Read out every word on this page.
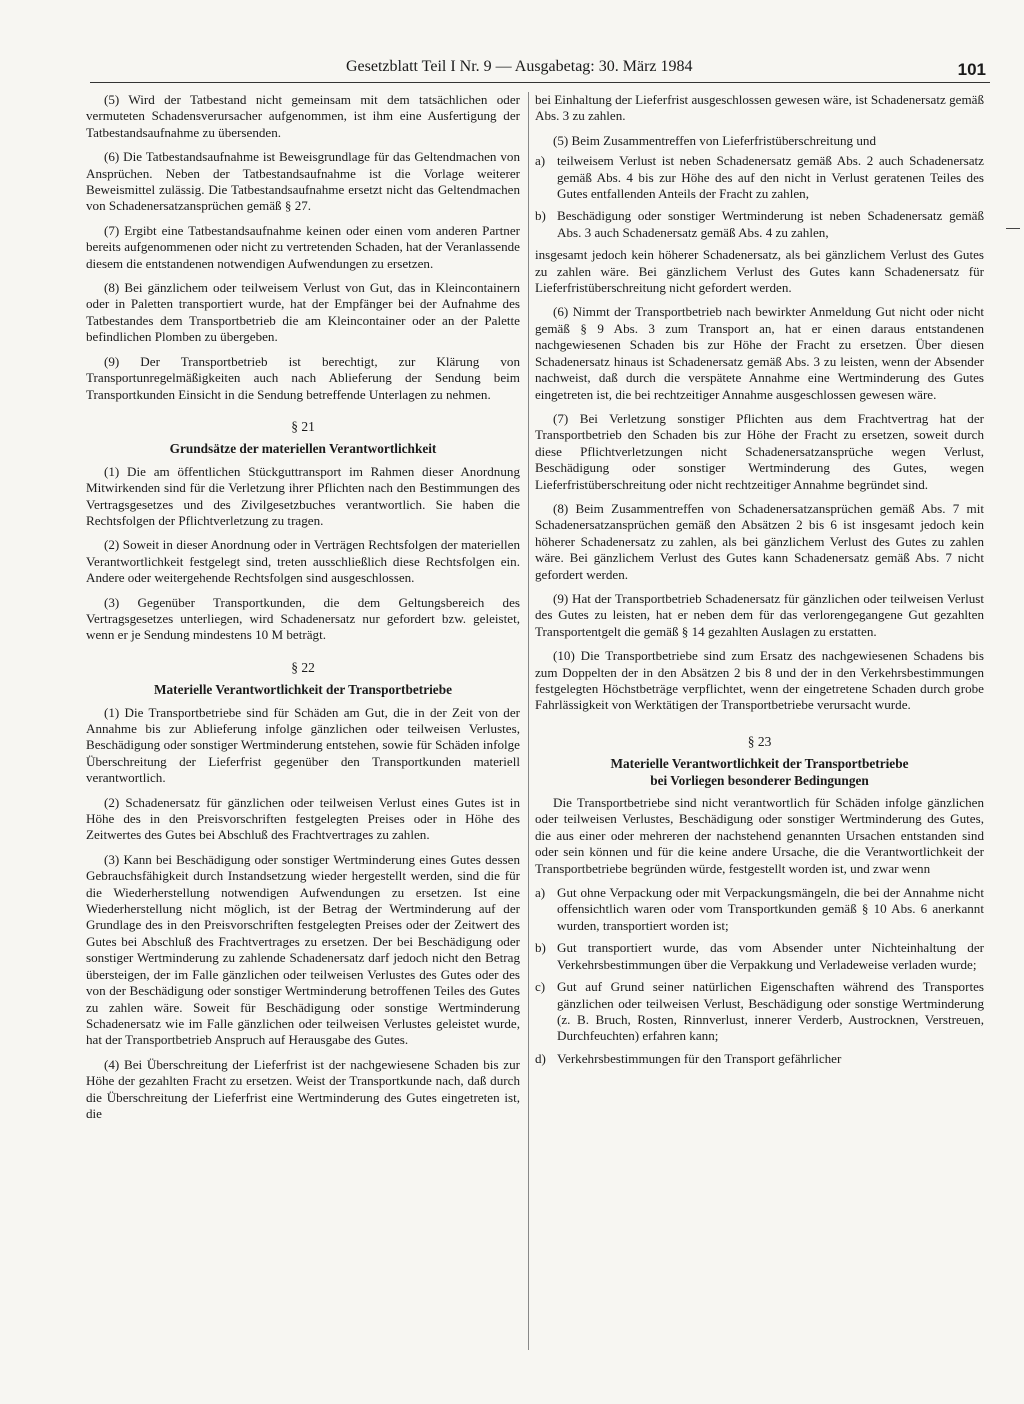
Gesetzblatt Teil I Nr. 9 — Ausgabetag: 30. März 1984	101

(5) Wird der Tatbestand nicht gemeinsam mit dem tatsächlichen oder vermuteten Schadensverursacher aufgenommen, ist ihm eine Ausfertigung der Tatbestandsaufnahme zu übersenden.

(6) Die Tatbestandsaufnahme ist Beweisgrundlage für das Geltendmachen von Ansprüchen. Neben der Tatbestandsaufnahme ist die Vorlage weiterer Beweismittel zulässig. Die Tatbestandsaufnahme ersetzt nicht das Geltendmachen von Schadenersatzansprüchen gemäß § 27.

(7) Ergibt eine Tatbestandsaufnahme keinen oder einen vom anderen Partner bereits aufgenommenen oder nicht zu vertretenden Schaden, hat der Veranlassende diesem die entstandenen notwendigen Aufwendungen zu ersetzen.

(8) Bei gänzlichem oder teilweisem Verlust von Gut, das in Kleincontainern oder in Paletten transportiert wurde, hat der Empfänger bei der Aufnahme des Tatbestandes dem Transportbetrieb die am Kleincontainer oder an der Palette befindlichen Plomben zu übergeben.

(9) Der Transportbetrieb ist berechtigt, zur Klärung von Transportunregelmäßigkeiten auch nach Ablieferung der Sendung beim Transportkunden Einsicht in die Sendung betreffende Unterlagen zu nehmen.

§ 21
Grundsätze der materiellen Verantwortlichkeit

(1) Die am öffentlichen Stückguttransport im Rahmen dieser Anordnung Mitwirkenden sind für die Verletzung ihrer Pflichten nach den Bestimmungen des Vertragsgesetzes und des Zivilgesetzbuches verantwortlich. Sie haben die Rechtsfolgen der Pflichtverletzung zu tragen.

(2) Soweit in dieser Anordnung oder in Verträgen Rechtsfolgen der materiellen Verantwortlichkeit festgelegt sind, treten ausschließlich diese Rechtsfolgen ein. Andere oder weitergehende Rechtsfolgen sind ausgeschlossen.

(3) Gegenüber Transportkunden, die dem Geltungsbereich des Vertragsgesetzes unterliegen, wird Schadenersatz nur gefordert bzw. geleistet, wenn er je Sendung mindestens 10 M beträgt.

§ 22
Materielle Verantwortlichkeit der Transportbetriebe

(1) Die Transportbetriebe sind für Schäden am Gut, die in der Zeit von der Annahme bis zur Ablieferung infolge gänzlichen oder teilweisen Verlustes, Beschädigung oder sonstiger Wertminderung entstehen, sowie für Schäden infolge Überschreitung der Lieferfrist gegenüber den Transportkunden materiell verantwortlich.

(2) Schadenersatz für gänzlichen oder teilweisen Verlust eines Gutes ist in Höhe des in den Preisvorschriften festgelegten Preises oder in Höhe des Zeitwertes des Gutes bei Abschluß des Frachtvertrages zu zahlen.

(3) Kann bei Beschädigung oder sonstiger Wertminderung eines Gutes dessen Gebrauchsfähigkeit durch Instandsetzung wieder hergestellt werden, sind die für die Wiederherstellung notwendigen Aufwendungen zu ersetzen. Ist eine Wiederherstellung nicht möglich, ist der Betrag der Wertminderung auf der Grundlage des in den Preisvorschriften festgelegten Preises oder der Zeitwert des Gutes bei Abschluß des Frachtvertrages zu ersetzen. Der bei Beschädigung oder sonstiger Wertminderung zu zahlende Schadenersatz darf jedoch nicht den Betrag übersteigen, der im Falle gänzlichen oder teilweisen Verlustes des Gutes oder des von der Beschädigung oder sonstiger Wertminderung betroffenen Teiles des Gutes zu zahlen wäre. Soweit für Beschädigung oder sonstige Wertminderung Schadenersatz wie im Falle gänzlichen oder teilweisen Verlustes geleistet wurde, hat der Transportbetrieb Anspruch auf Herausgabe des Gutes.

(4) Bei Überschreitung der Lieferfrist ist der nachgewiesene Schaden bis zur Höhe der gezahlten Fracht zu ersetzen. Weist der Transportkunde nach, daß durch die Überschreitung der Lieferfrist eine Wertminderung des Gutes eingetreten ist, die

bei Einhaltung der Lieferfrist ausgeschlossen gewesen wäre, ist Schadenersatz gemäß Abs. 3 zu zahlen.

(5) Beim Zusammentreffen von Lieferfristüberschreitung und

a) teilweisem Verlust ist neben Schadenersatz gemäß Abs. 2 auch Schadenersatz gemäß Abs. 4 bis zur Höhe des auf den nicht in Verlust geratenen Teiles des Gutes entfallenden Anteils der Fracht zu zahlen,
b) Beschädigung oder sonstiger Wertminderung ist neben Schadenersatz gemäß Abs. 3 auch Schadenersatz gemäß Abs. 4 zu zahlen,

insgesamt jedoch kein höherer Schadenersatz, als bei gänzlichem Verlust des Gutes zu zahlen wäre. Bei gänzlichem Verlust des Gutes kann Schadenersatz für Lieferfristüberschreitung nicht gefordert werden.

(6) Nimmt der Transportbetrieb nach bewirkter Anmeldung Gut nicht oder nicht gemäß § 9 Abs. 3 zum Transport an, hat er einen daraus entstandenen nachgewiesenen Schaden bis zur Höhe der Fracht zu ersetzen. Über diesen Schadenersatz hinaus ist Schadenersatz gemäß Abs. 3 zu leisten, wenn der Absender nachweist, daß durch die verspätete Annahme eine Wertminderung des Gutes eingetreten ist, die bei rechtzeitiger Annahme ausgeschlossen gewesen wäre.

(7) Bei Verletzung sonstiger Pflichten aus dem Frachtvertrag hat der Transportbetrieb den Schaden bis zur Höhe der Fracht zu ersetzen, soweit durch diese Pflichtverletzungen nicht Schadenersatzansprüche wegen Verlust, Beschädigung oder sonstiger Wertminderung des Gutes, wegen Lieferfristüberschreitung oder nicht rechtzeitiger Annahme begründet sind.

(8) Beim Zusammentreffen von Schadenersatzansprüchen gemäß Abs. 7 mit Schadenersatzansprüchen gemäß den Absätzen 2 bis 6 ist insgesamt jedoch kein höherer Schadenersatz zu zahlen, als bei gänzlichem Verlust des Gutes zu zahlen wäre. Bei gänzlichem Verlust des Gutes kann Schadenersatz gemäß Abs. 7 nicht gefordert werden.

(9) Hat der Transportbetrieb Schadenersatz für gänzlichen oder teilweisen Verlust des Gutes zu leisten, hat er neben dem für das verlorengegangene Gut gezahlten Transportentgelt die gemäß § 14 gezahlten Auslagen zu erstatten.

(10) Die Transportbetriebe sind zum Ersatz des nachgewiesenen Schadens bis zum Doppelten der in den Absätzen 2 bis 8 und der in den Verkehrsbestimmungen festgelegten Höchstbeträge verpflichtet, wenn der eingetretene Schaden durch grobe Fahrlässigkeit von Werktätigen der Transportbetriebe verursacht wurde.

§ 23
Materielle Verantwortlichkeit der Transportbetriebe
bei Vorliegen besonderer Bedingungen

Die Transportbetriebe sind nicht verantwortlich für Schäden infolge gänzlichen oder teilweisen Verlustes, Beschädigung oder sonstiger Wertminderung des Gutes, die aus einer oder mehreren der nachstehend genannten Ursachen entstanden sind oder sein können und für die keine andere Ursache, die die Verantwortlichkeit der Transportbetriebe begründen würde, festgestellt worden ist, und zwar wenn

a) Gut ohne Verpackung oder mit Verpackungsmängeln, die bei der Annahme nicht offensichtlich waren oder vom Transportkunden gemäß § 10 Abs. 6 anerkannt wurden, transportiert worden ist;
b) Gut transportiert wurde, das vom Absender unter Nichteinhaltung der Verkehrsbestimmungen über die Verpakkung und Verladeweise verladen wurde;
c) Gut auf Grund seiner natürlichen Eigenschaften während des Transportes gänzlichen oder teilweisen Verlust, Beschädigung oder sonstige Wertminderung (z. B. Bruch, Rosten, Rinnverlust, innerer Verderb, Austrocknen, Verstreuen, Durchfeuchten) erfahren kann;
d) Verkehrsbestimmungen für den Transport gefährlicher
